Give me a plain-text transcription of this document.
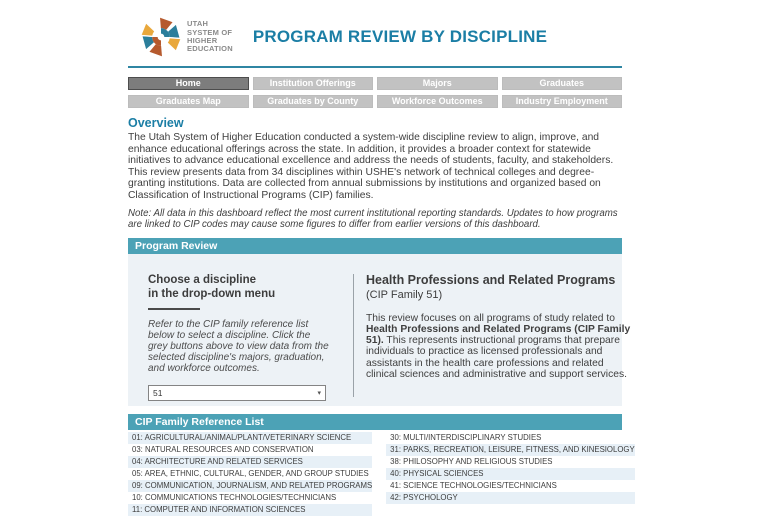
UTAH
SYSTEM OF
HIGHER
EDUCATION
PROGRAM REVIEW BY DISCIPLINE
Home	Institution Offerings	Majors	Graduates
Graduates Map	Graduates by County	Workforce Outcomes	Industry Employment
Overview
The Utah System of Higher Education conducted a system-wide discipline review to align, improve, and enhance educational offerings across the state. In addition, it provides a broader context for statewide initiatives to advance educational excellence and address the needs of students, faculty, and stakeholders. This review presents data from 34 disciplines within USHE's network of technical colleges and degree-granting institutions. Data are collected from annual submissions by institutions and organized based on Classification of Instructional Programs (CIP) families.
Note: All data in this dashboard reflect the most current institutional reporting standards. Updates to how programs are linked to CIP codes may cause some figures to differ from earlier versions of this dashboard.
Program Review
Choose a discipline
in the drop-down menu
Refer to the CIP family reference list below to select a discipline. Click the grey buttons above to view data from the selected discipline's majors, graduation, and workforce outcomes.
51	▾
Health Professions and Related Programs
(CIP Family 51)
This review focuses on all programs of study related to Health Professions and Related Programs (CIP Family 51). This represents instructional programs that prepare individuals to practice as licensed professionals and assistants in the health care professions and related clinical sciences and administrative and support services.
CIP Family Reference List
01: AGRICULTURAL/ANIMAL/PLANT/VETERINARY SCIENCE
03: NATURAL RESOURCES AND CONSERVATION
04: ARCHITECTURE AND RELATED SERVICES
05: AREA, ETHNIC, CULTURAL, GENDER, AND GROUP STUDIES
09: COMMUNICATION, JOURNALISM, AND RELATED PROGRAMS
10: COMMUNICATIONS TECHNOLOGIES/TECHNICIANS
11: COMPUTER AND INFORMATION SCIENCES
30: MULTI/INTERDISCIPLINARY STUDIES
31: PARKS, RECREATION, LEISURE, FITNESS, AND KINESIOLOGY
38: PHILOSOPHY AND RELIGIOUS STUDIES
40: PHYSICAL SCIENCES
41: SCIENCE TECHNOLOGIES/TECHNICIANS
42: PSYCHOLOGY
